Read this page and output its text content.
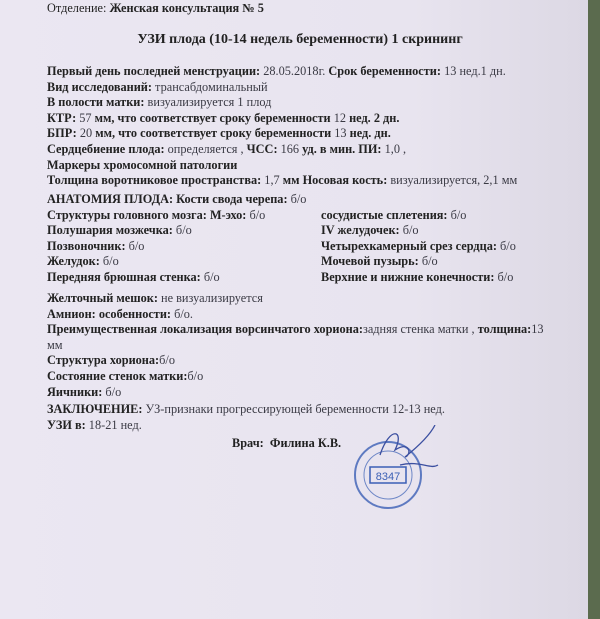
Отделение: Женская консультация № 5
УЗИ плода (10-14 недель беременности) 1 скрининг
Первый день последней менструации: 28.05.2018г. Срок беременности: 13 нед.1 дн.
Вид исследований: трансабдоминальный
В полости матки: визуализируется 1 плод
КТР: 57 мм, что соответствует сроку беременности 12 нед. 2 дн.
БПР: 20 мм, что соответствует сроку беременности 13 нед. дн.
Сердцебиение плода: определяется , ЧСС: 166 уд. в мин. ПИ: 1,0 ,
Маркеры хромосомной патологии
Толщина воротниковое пространства: 1,7 мм Носовая кость: визуализируется, 2,1 мм
АНАТОМИЯ ПЛОДА: Кости свода черепа: б/о
Структуры головного мозга: М-эхо: б/о
Полушария мозжечка: б/о
Позвоночник: б/о
Желудок: б/о
Передняя брюшная стенка: б/о
сосудистые сплетения: б/о
IV желудочек: б/о
Четырехкамерный срез сердца: б/о
Мочевой пузырь: б/о
Верхние и нижние конечности: б/о
Желточный мешок: не визуализируется
Амнион: особенности: б/о.
Преимущественная локализация ворсинчатого хориона:задняя стенка матки , толщина:13
мм
Структура хориона:б/о
Состояние стенок матки:б/о
Яичники: б/о
ЗАКЛЮЧЕНИЕ: УЗ-признаки прогрессирующей беременности 12-13 нед.
УЗИ в: 18-21 нед.
Врач: Филина К.В.
8347
